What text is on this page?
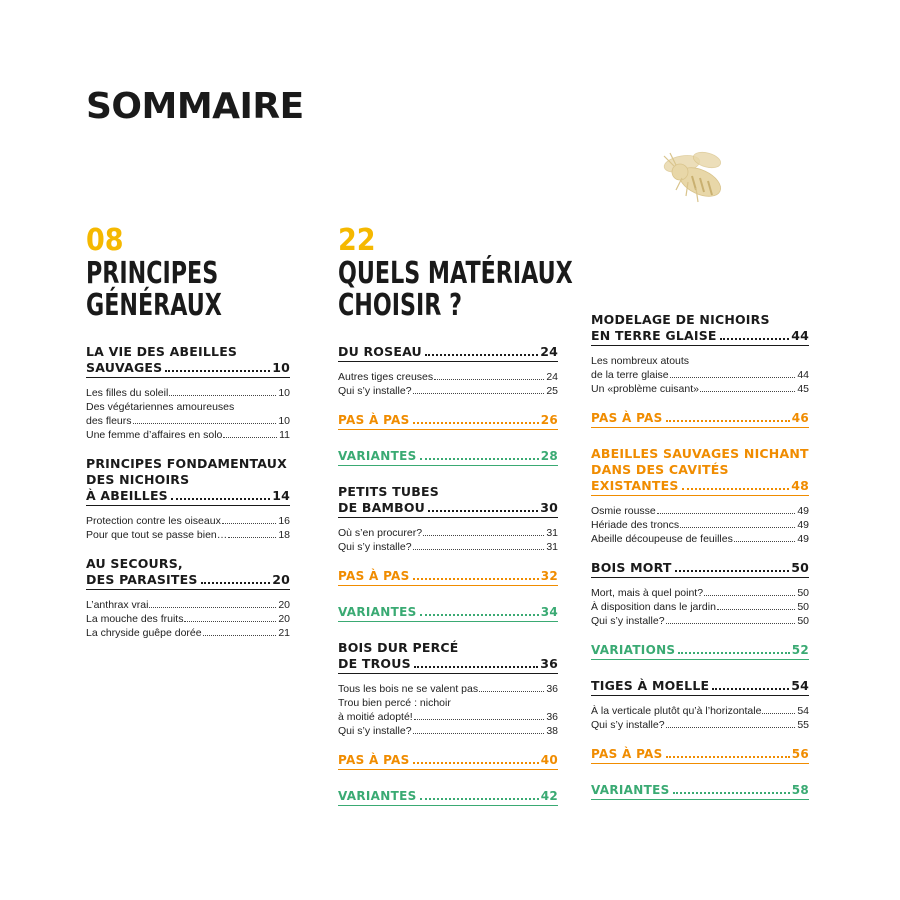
SOMMAIRE
08
PRINCIPES
GÉNÉRAUX
LA VIE DES ABEILLES
SAUVAGES	10
Les filles du soleil	10
Des végétariennes amoureuses
des fleurs	10
Une femme d’affaires en solo	11
PRINCIPES FONDAMENTAUX
DES NICHOIRS
À ABEILLES	14
Protection contre les oiseaux	16
Pour que tout se passe bien…	18
AU SECOURS,
DES PARASITES	20
L’anthrax vrai	20
La mouche des fruits	20
La chryside guêpe dorée	21
22
QUELS MATÉRIAUX
CHOISIR ?
DU ROSEAU	24
Autres tiges creuses	24
Qui s’y installe?	25
PAS À PAS	26
VARIANTES	28
PETITS TUBES
DE BAMBOU	30
Où s’en procurer?	31
Qui s’y installe?	31
PAS À PAS	32
VARIANTES	34
BOIS DUR PERCÉ
DE TROUS	36
Tous les bois ne se valent pas	36
Trou bien percé : nichoir
à moitié adopté!	36
Qui s’y installe?	38
PAS À PAS	40
VARIANTES	42
MODELAGE DE NICHOIRS
EN TERRE GLAISE	44
Les nombreux atouts
de la terre glaise	44
Un «problème cuisant»	45
PAS À PAS	46
ABEILLES SAUVAGES NICHANT
DANS DES CAVITÉS
EXISTANTES	48
Osmie rousse	49
Hériade des troncs	49
Abeille découpeuse de feuilles	49
BOIS MORT	50
Mort, mais à quel point?	50
À disposition dans le jardin	50
Qui s’y installe?	50
VARIATIONS	52
TIGES À MOELLE	54
À la verticale plutôt qu’à l’horizontale	54
Qui s’y installe?	55
PAS À PAS	56
VARIANTES	58
